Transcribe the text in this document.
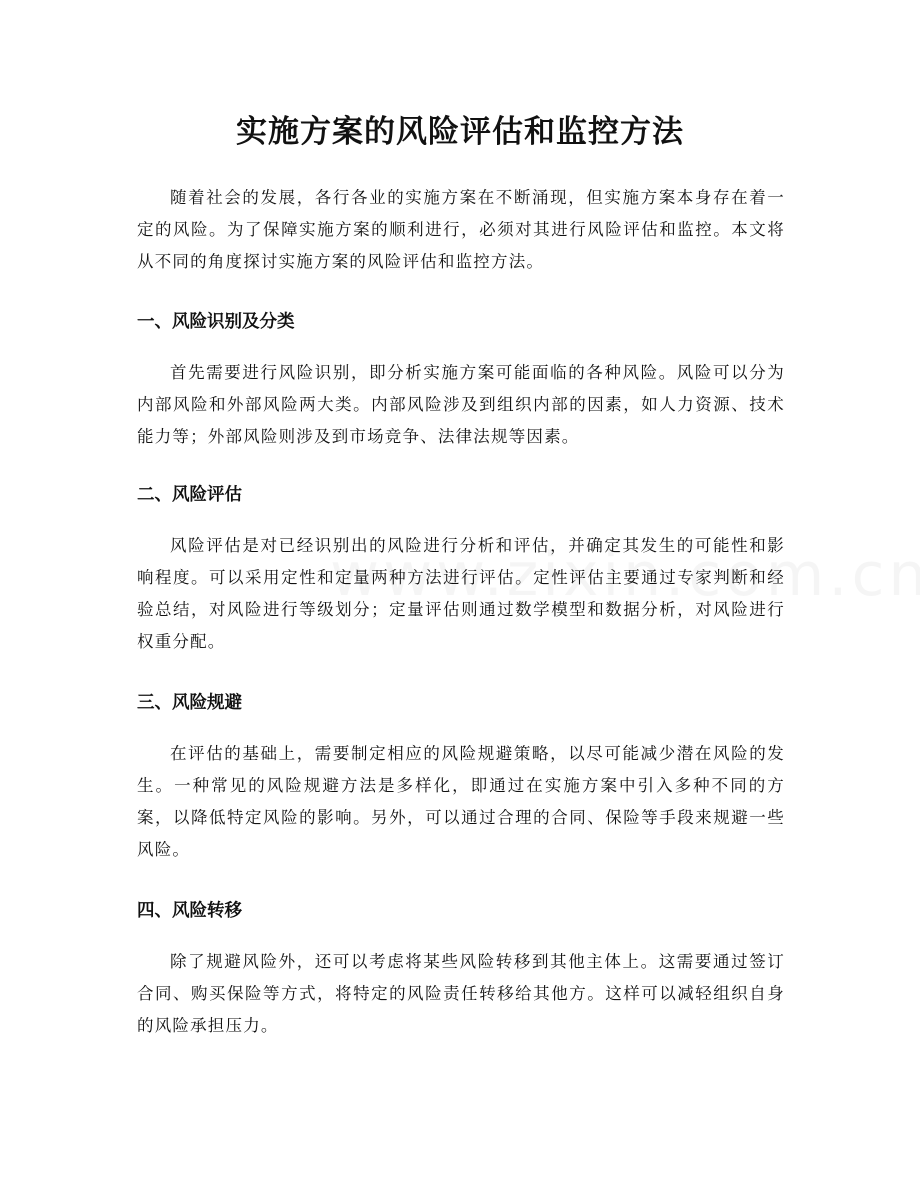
实施方案的风险评估和监控方法

随着社会的发展，各行各业的实施方案在不断涌现，但实施方案本身存在着一定的风险。为了保障实施方案的顺利进行，必须对其进行风险评估和监控。本文将从不同的角度探讨实施方案的风险评估和监控方法。

一、风险识别及分类

首先需要进行风险识别，即分析实施方案可能面临的各种风险。风险可以分为内部风险和外部风险两大类。内部风险涉及到组织内部的因素，如人力资源、技术能力等；外部风险则涉及到市场竞争、法律法规等因素。

二、风险评估

风险评估是对已经识别出的风险进行分析和评估，并确定其发生的可能性和影响程度。可以采用定性和定量两种方法进行评估。定性评估主要通过专家判断和经验总结，对风险进行等级划分；定量评估则通过数学模型和数据分析，对风险进行权重分配。

三、风险规避

在评估的基础上，需要制定相应的风险规避策略，以尽可能减少潜在风险的发生。一种常见的风险规避方法是多样化，即通过在实施方案中引入多种不同的方案，以降低特定风险的影响。另外，可以通过合理的合同、保险等手段来规避一些风险。

四、风险转移

除了规避风险外，还可以考虑将某些风险转移到其他主体上。这需要通过签订合同、购买保险等方式，将特定的风险责任转移给其他方。这样可以减轻组织自身的风险承担压力。
